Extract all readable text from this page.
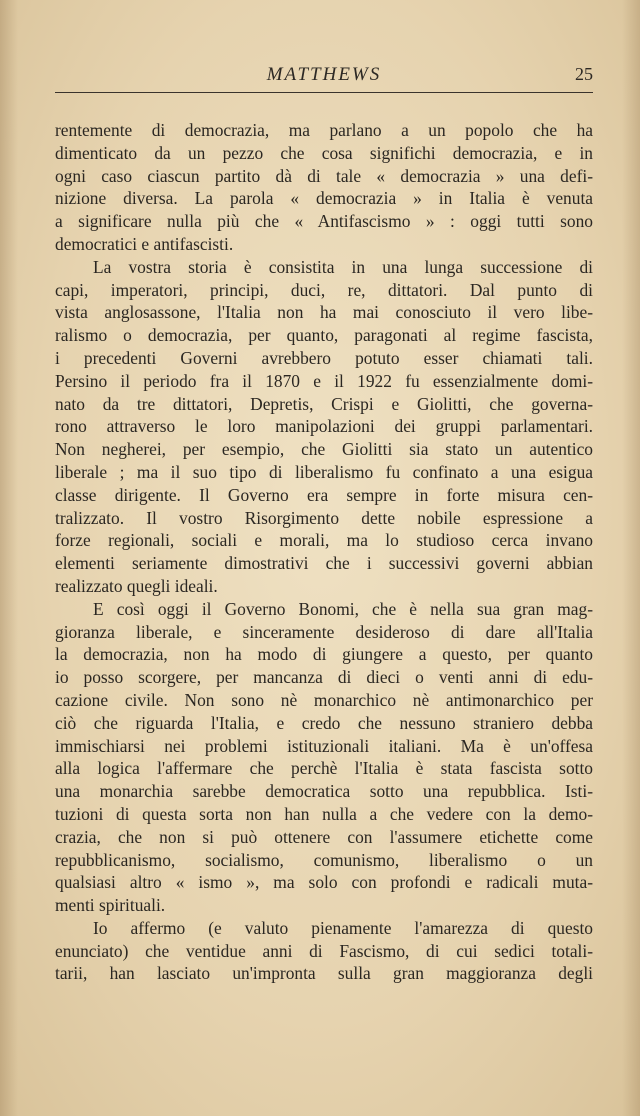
MATTHEWS	25
rentemente di democrazia, ma parlano a un popolo che ha
dimenticato da un pezzo che cosa significhi democrazia, e in
ogni caso ciascun partito dà di tale « democrazia » una defi-
nizione diversa. La parola « democrazia » in Italia è venuta
a significare nulla più che « Antifascismo » : oggi tutti sono
democratici e antifascisti.
La vostra storia è consistita in una lunga successione di
capi, imperatori, principi, duci, re, dittatori. Dal punto di
vista anglosassone, l'Italia non ha mai conosciuto il vero libe-
ralismo o democrazia, per quanto, paragonati al regime fascista,
i precedenti Governi avrebbero potuto esser chiamati tali.
Persino il periodo fra il 1870 e il 1922 fu essenzialmente domi-
nato da tre dittatori, Depretis, Crispi e Giolitti, che governa-
rono attraverso le loro manipolazioni dei gruppi parlamentari.
Non negherei, per esempio, che Giolitti sia stato un autentico
liberale ; ma il suo tipo di liberalismo fu confinato a una esigua
classe dirigente. Il Governo era sempre in forte misura cen-
tralizzato. Il vostro Risorgimento dette nobile espressione a
forze regionali, sociali e morali, ma lo studioso cerca invano
elementi seriamente dimostrativi che i successivi governi abbian
realizzato quegli ideali.
E così oggi il Governo Bonomi, che è nella sua gran mag-
gioranza liberale, e sinceramente desideroso di dare all'Italia
la democrazia, non ha modo di giungere a questo, per quanto
io posso scorgere, per mancanza di dieci o venti anni di edu-
cazione civile. Non sono nè monarchico nè antimonarchico per
ciò che riguarda l'Italia, e credo che nessuno straniero debba
immischiarsi nei problemi istituzionali italiani. Ma è un'offesa
alla logica l'affermare che perchè l'Italia è stata fascista sotto
una monarchia sarebbe democratica sotto una repubblica. Isti-
tuzioni di questa sorta non han nulla a che vedere con la demo-
crazia, che non si può ottenere con l'assumere etichette come
repubblicanismo, socialismo, comunismo, liberalismo o un
qualsiasi altro « ismo », ma solo con profondi e radicali muta-
menti spirituali.
Io affermo (e valuto pienamente l'amarezza di questo
enunciato) che ventidue anni di Fascismo, di cui sedici totali-
tarii, han lasciato un'impronta sulla gran maggioranza degli
